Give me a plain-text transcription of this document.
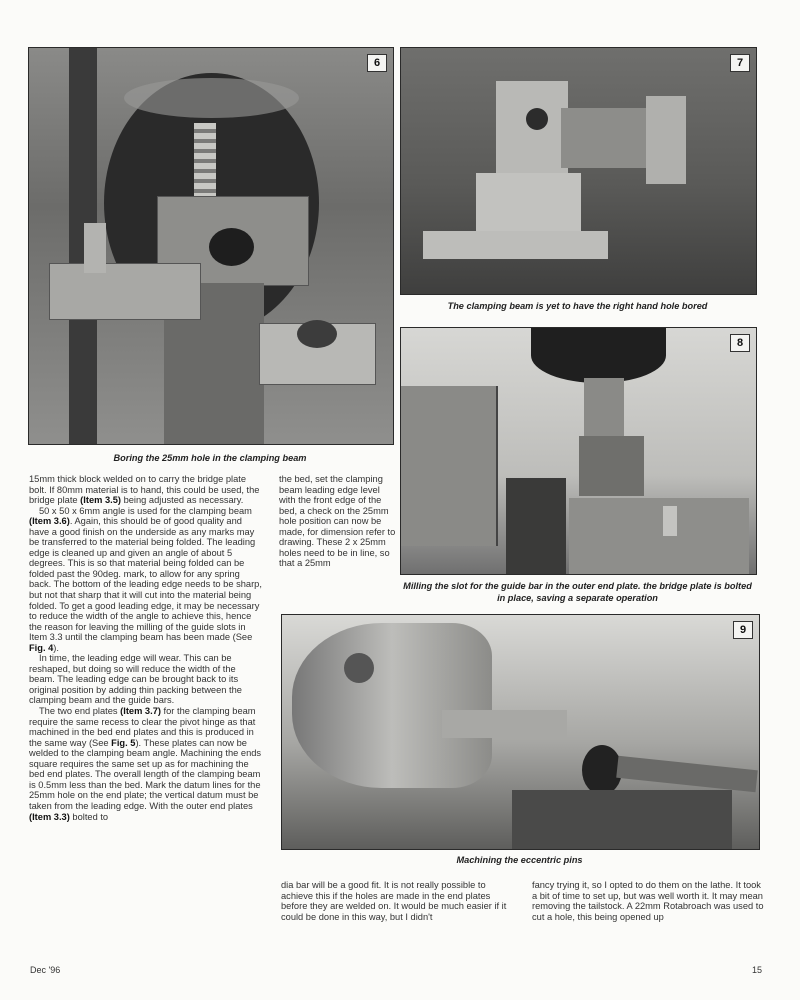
6
Boring the 25mm hole in the clamping beam
7
The clamping beam is yet to have the right hand hole bored
8
Milling the slot for the guide bar in the outer end plate. the bridge plate is bolted in place, saving a separate operation
9
Machining the eccentric pins

15mm thick block welded on to carry the bridge plate bolt. If 80mm material is to hand, this could be used, the bridge plate (Item 3.5) being adjusted as necessary.

50 x 50 x 6mm angle is used for the clamping beam (Item 3.6). Again, this should be of good quality and have a good finish on the underside as any marks may be transferred to the material being folded. The leading edge is cleaned up and given an angle of about 5 degrees. This is so that material being folded can be folded past the 90deg. mark, to allow for any spring back. The bottom of the leading edge needs to be sharp, but not that sharp that it will cut into the material being folded. To get a good leading edge, it may be necessary to reduce the width of the angle to achieve this, hence the reason for leaving the milling of the guide slots in Item 3.3 until the clamping beam has been made (See Fig. 4).

In time, the leading edge will wear. This can be reshaped, but doing so will reduce the width of the beam. The leading edge can be brought back to its original position by adding thin packing between the clamping beam and the guide bars.

The two end plates (Item 3.7) for the clamping beam require the same recess to clear the pivot hinge as that machined in the bed end plates and this is produced in the same way (See Fig. 5). These plates can now be welded to the clamping beam angle. Machining the ends square requires the same set up as for machining the bed end plates. The overall length of the clamping beam is 0.5mm less than the bed. Mark the datum lines for the 25mm hole on the end plate; the vertical datum must be taken from the leading edge. With the outer end plates (Item 3.3) bolted to

the bed, set the clamping beam leading edge level with the front edge of the bed, a check on the 25mm hole position can now be made, for dimension refer to drawing. These 2 x 25mm holes need to be in line, so that a 25mm

dia bar will be a good fit. It is not really possible to achieve this if the holes are made in the end plates before they are welded on. It would be much easier if it could be done in this way, but I didn't

fancy trying it, so I opted to do them on the lathe. It took a bit of time to set up, but was well worth it. It may mean removing the tailstock. A 22mm Rotabroach was used to cut a hole, this being opened up

Dec '96	15
